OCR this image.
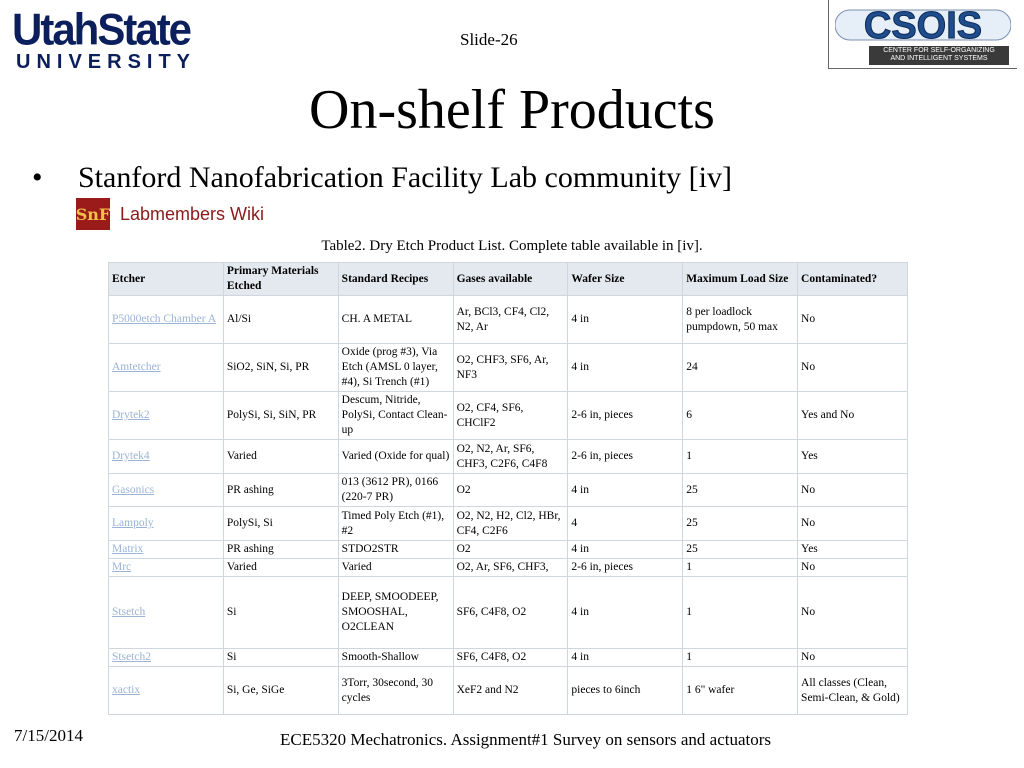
UtahState
UNIVERSITY
Slide-26	CSOIS
CENTER FOR SELF-ORGANIZING
AND INTELLIGENT SYSTEMS
On-shelf Products
•	Stanford Nanofabrication Facility Lab community [iv]
SnF Labmembers Wiki
Table2. Dry Etch Product List. Complete table available in [iv].
Etcher	Primary Materials Etched	Standard Recipes	Gases available	Wafer Size	Maximum Load Size	Contaminated?
P5000etch Chamber A	Al/Si	CH. A METAL	Ar, BCl3, CF4, Cl2, N2, Ar	4 in	8 per loadlock pumpdown, 50 max	No
Amtetcher	SiO2, SiN, Si, PR	Oxide (prog #3), Via Etch (AMSL 0 layer, #4), Si Trench (#1)	O2, CHF3, SF6, Ar, NF3	4 in	24	No
Drytek2	PolySi, Si, SiN, PR	Descum, Nitride, PolySi, Contact Clean-up	O2, CF4, SF6, CHClF2	2-6 in, pieces	6	Yes and No
Drytek4	Varied	Varied (Oxide for qual)	O2, N2, Ar, SF6, CHF3, C2F6, C4F8	2-6 in, pieces	1	Yes
Gasonics	PR ashing	013 (3612 PR), 0166 (220-7 PR)	O2	4 in	25	No
Lampoly	PolySi, Si	Timed Poly Etch (#1), #2	O2, N2, H2, Cl2, HBr, CF4, C2F6	4	25	No
Matrix	PR ashing	STDO2STR	O2	4 in	25	Yes
Mrc	Varied	Varied	O2, Ar, SF6, CHF3,	2-6 in, pieces	1	No
Stsetch	Si	DEEP, SMOODEEP, SMOOSHAL, O2CLEAN	SF6, C4F8, O2	4 in	1	No
Stsetch2	Si	Smooth-Shallow	SF6, C4F8, O2	4 in	1	No
xactix	Si, Ge, SiGe	3Torr, 30second, 30 cycles	XeF2 and N2	pieces to 6inch	1 6" wafer	All classes (Clean, Semi-Clean, & Gold)
7/15/2014	ECE5320 Mechatronics. Assignment#1 Survey on sensors and actuators
